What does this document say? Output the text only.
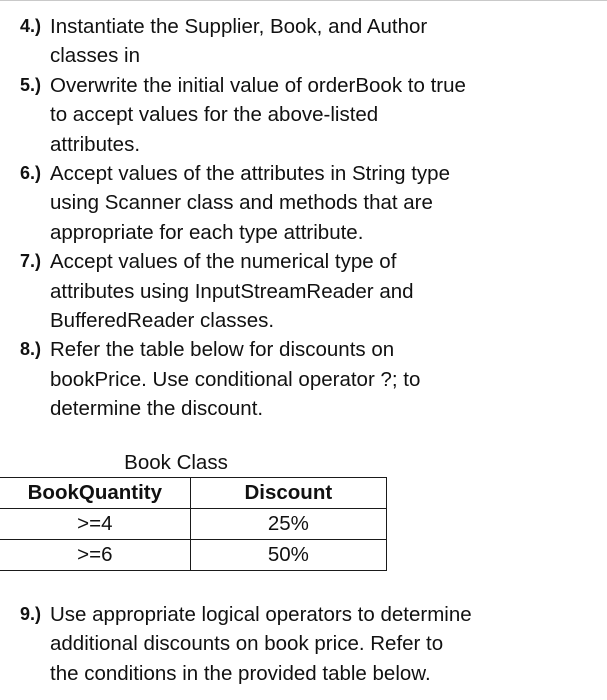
4.) Instantiate the Supplier, Book, and Author
classes in
5.) Overwrite the initial value of orderBook to true
to accept values for the above-listed
attributes.
6.) Accept values of the attributes in String type
using Scanner class and methods that are
appropriate for each type attribute.
7.) Accept values of the numerical type of
attributes using InputStreamReader and
BufferedReader classes.
8.) Refer the table below for discounts on
bookPrice. Use conditional operator ?; to
determine the discount.
Book Class
BookQuantity	Discount
>=4	25%
>=6	50%
9.) Use appropriate logical operators to determine
additional discounts on book price. Refer to
the conditions in the provided table below.
